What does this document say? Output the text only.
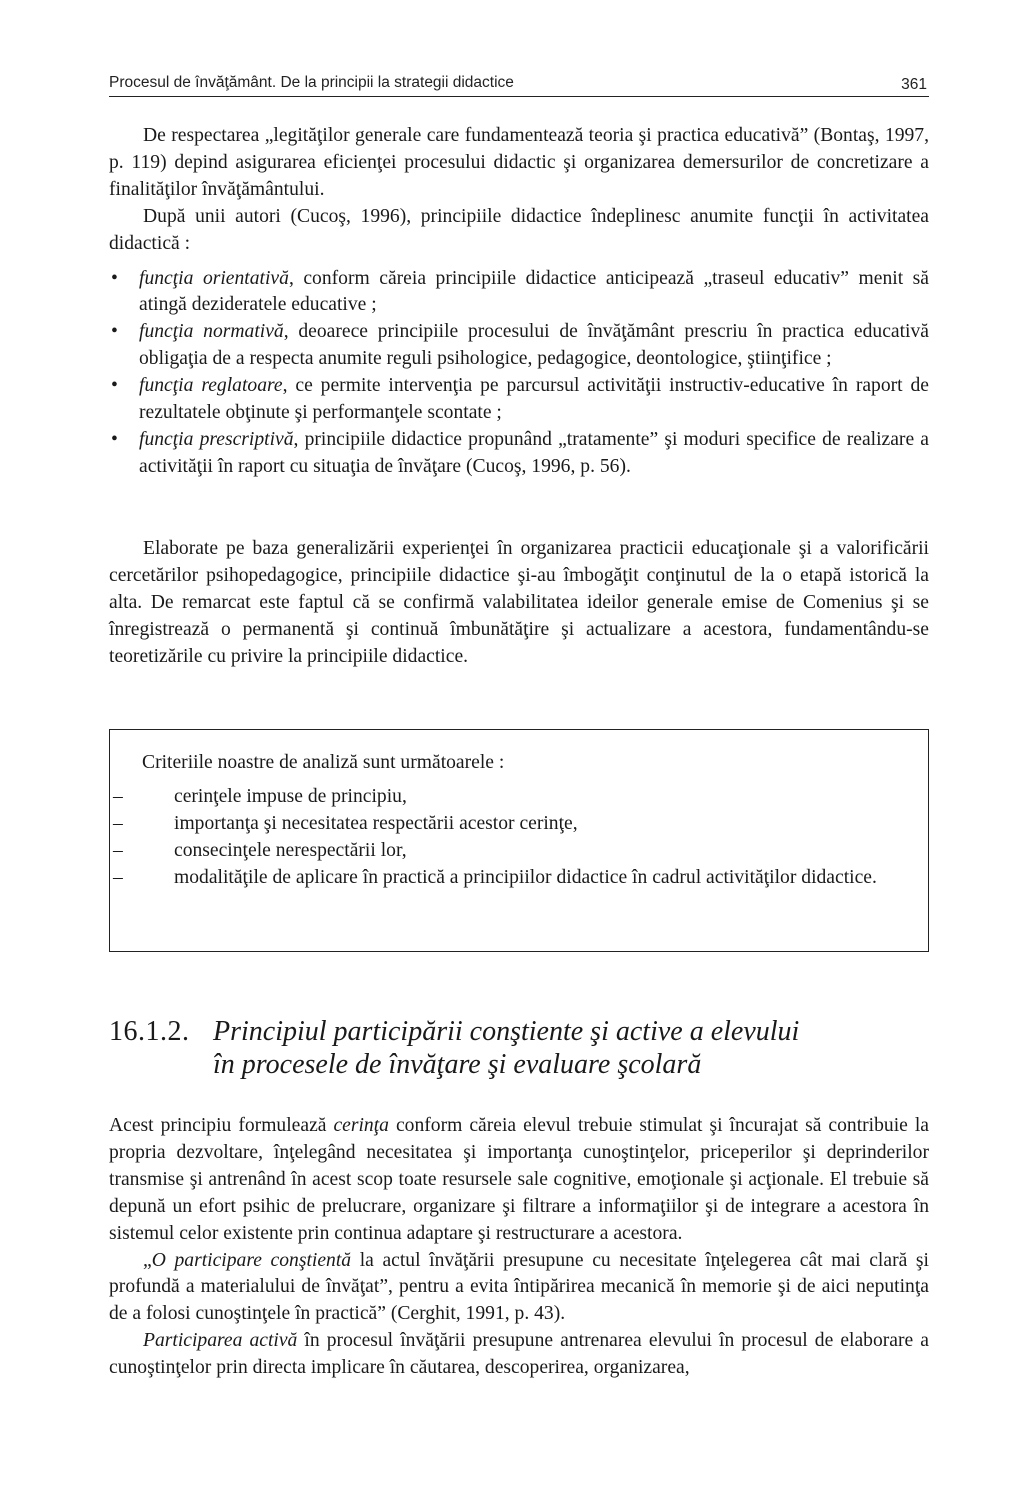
Procesul de învăţământ. De la principii la strategii didactice	361

De respectarea „legităţilor generale care fundamentează teoria şi practica educativă” (Bontaş, 1997, p. 119) depind asigurarea eficienţei procesului didactic şi organizarea demersurilor de concretizare a finalităţilor învăţământului.

După unii autori (Cucoş, 1996), principiile didactice îndeplinesc anumite funcţii în activitatea didactică :

• funcţia orientativă, conform căreia principiile didactice anticipează „traseul educativ” menit să atingă dezideratele educative ;
• funcţia normativă, deoarece principiile procesului de învăţământ prescriu în practica educativă obligaţia de a respecta anumite reguli psihologice, pedagogice, deontologice, ştiinţifice ;
• funcţia reglatoare, ce permite intervenţia pe parcursul activităţii instructiv-educative în raport de rezultatele obţinute şi performanţele scontate ;
• funcţia prescriptivă, principiile didactice propunând „tratamente” şi moduri specifice de realizare a activităţii în raport cu situaţia de învăţare (Cucoş, 1996, p. 56).

Elaborate pe baza generalizării experienţei în organizarea practicii educaţionale şi a valorificării cercetărilor psihopedagogice, principiile didactice şi-au îmbogăţit conţinutul de la o etapă istorică la alta. De remarcat este faptul că se confirmă valabilitatea ideilor generale emise de Comenius şi se înregistrează o permanentă şi continuă îmbunătăţire şi actualizare a acestora, fundamentându-se teoretizările cu privire la principiile didactice.

Criteriile noastre de analiză sunt următoarele :

–	cerinţele impuse de principiu,
–	importanţa şi necesitatea respectării acestor cerinţe,
–	consecinţele nerespectării lor,
–	modalităţile de aplicare în practică a principiilor didactice în cadrul activităţilor didactice.
16.1.2. Principiul participării conştiente şi active a elevului
în procesele de învăţare şi evaluare şcolară

Acest principiu formulează cerinţa conform căreia elevul trebuie stimulat şi încurajat să contribuie la propria dezvoltare, înţelegând necesitatea şi importanţa cunoştinţelor, priceperilor şi deprinderilor transmise şi antrenând în acest scop toate resursele sale cognitive, emoţionale şi acţionale. El trebuie să depună un efort psihic de prelucrare, organizare şi filtrare a informaţiilor şi de integrare a acestora în sistemul celor existente prin continua adaptare şi restructurare a acestora.

„O participare conştientă la actul învăţării presupune cu necesitate înţelegerea cât mai clară şi profundă a materialului de învăţat”, pentru a evita întipărirea mecanică în memorie şi de aici neputinţa de a folosi cunoştinţele în practică” (Cerghit, 1991, p. 43).

Participarea activă în procesul învăţării presupune antrenarea elevului în procesul de elaborare a cunoştinţelor prin directa implicare în căutarea, descoperirea, organizarea,
